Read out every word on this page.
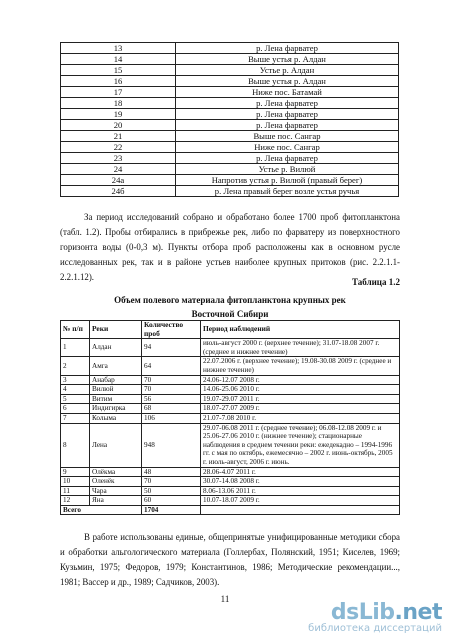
13	р. Лена фарватер
14	Выше устья р. Алдан
15	Устье р. Алдан
16	Выше устья р. Алдан
17	Ниже пос. Батамай
18	р. Лена фарватер
19	р. Лена фарватер
20	р. Лена фарватер
21	Выше пос. Сангар
22	Ниже пос. Сангар
23	р. Лена фарватер
24	Устье р. Вилюй
24а	Напротив устья р. Вилюй (правый берег)
24б	р. Лена правый берег возле устья ручья

За период исследований собрано и обработано более 1700 проб фитопланктона (табл. 1.2). Пробы отбирались в прибрежье рек, либо по фарватеру из поверхностного горизонта воды (0-0,3 м). Пункты отбора проб расположены как в основном русле исследованных рек, так и в районе устьев наиболее крупных притоков (рис. 2.2.1.1-2.2.1.12).	Таблица 1.2
Объем полевого материала фитопланктона крупных рек
Восточной Сибири
№ п/п	Реки	Количество проб	Период наблюдений
1	Алдан	94	июль-август 2000 г. (верхнее течение); 31.07-18.08 2007 г. (среднее и нижнее течение)
2	Амга	64	22.07.2006 г. (верхнее течение); 19.08-30.08 2009 г. (среднее и нижнее течение)
3	Анабар	70	24.06-12.07 2008 г.
4	Вилюй	70	14.06-25.06 2010 г.
5	Витим	56	19.07-29.07 2011 г.
6	Индигирка	68	18.07-27.07 2009 г.
7	Колыма	106	21.07-7.08 2010 г.
8	Лена	948	29.07-06.08 2011 г. (среднее течение); 06.08-12.08 2009 г. и 25.06-27.06 2010 г. (нижнее течение); стационарные наблюдения в среднем течении реки: ежедекадно – 1994-1996 гг. с мая по октябрь, ежемесячно – 2002 г. июнь-октябрь, 2005 г. июль-август, 2006 г. июнь.
9	Олёкма	48	28.06-4.07 2011 г.
10	Оленёк	70	30.07-14.08 2008 г.
11	Чара	50	8.06-13.06 2011 г.
12	Яна	60	10.07-18.07 2009 г.
Всего		1704	

В работе использованы единые, общепринятые унифицированные методики сбора и обработки альгологического материала (Голлербах, Полянский, 1951; Киселев, 1969; Кузьмин, 1975; Федоров, 1979; Константинов, 1986; Методические рекомендации..., 1981; Вассер и др., 1989; Садчиков, 2003).

11
dsLib.net
библиотека диссертаций
